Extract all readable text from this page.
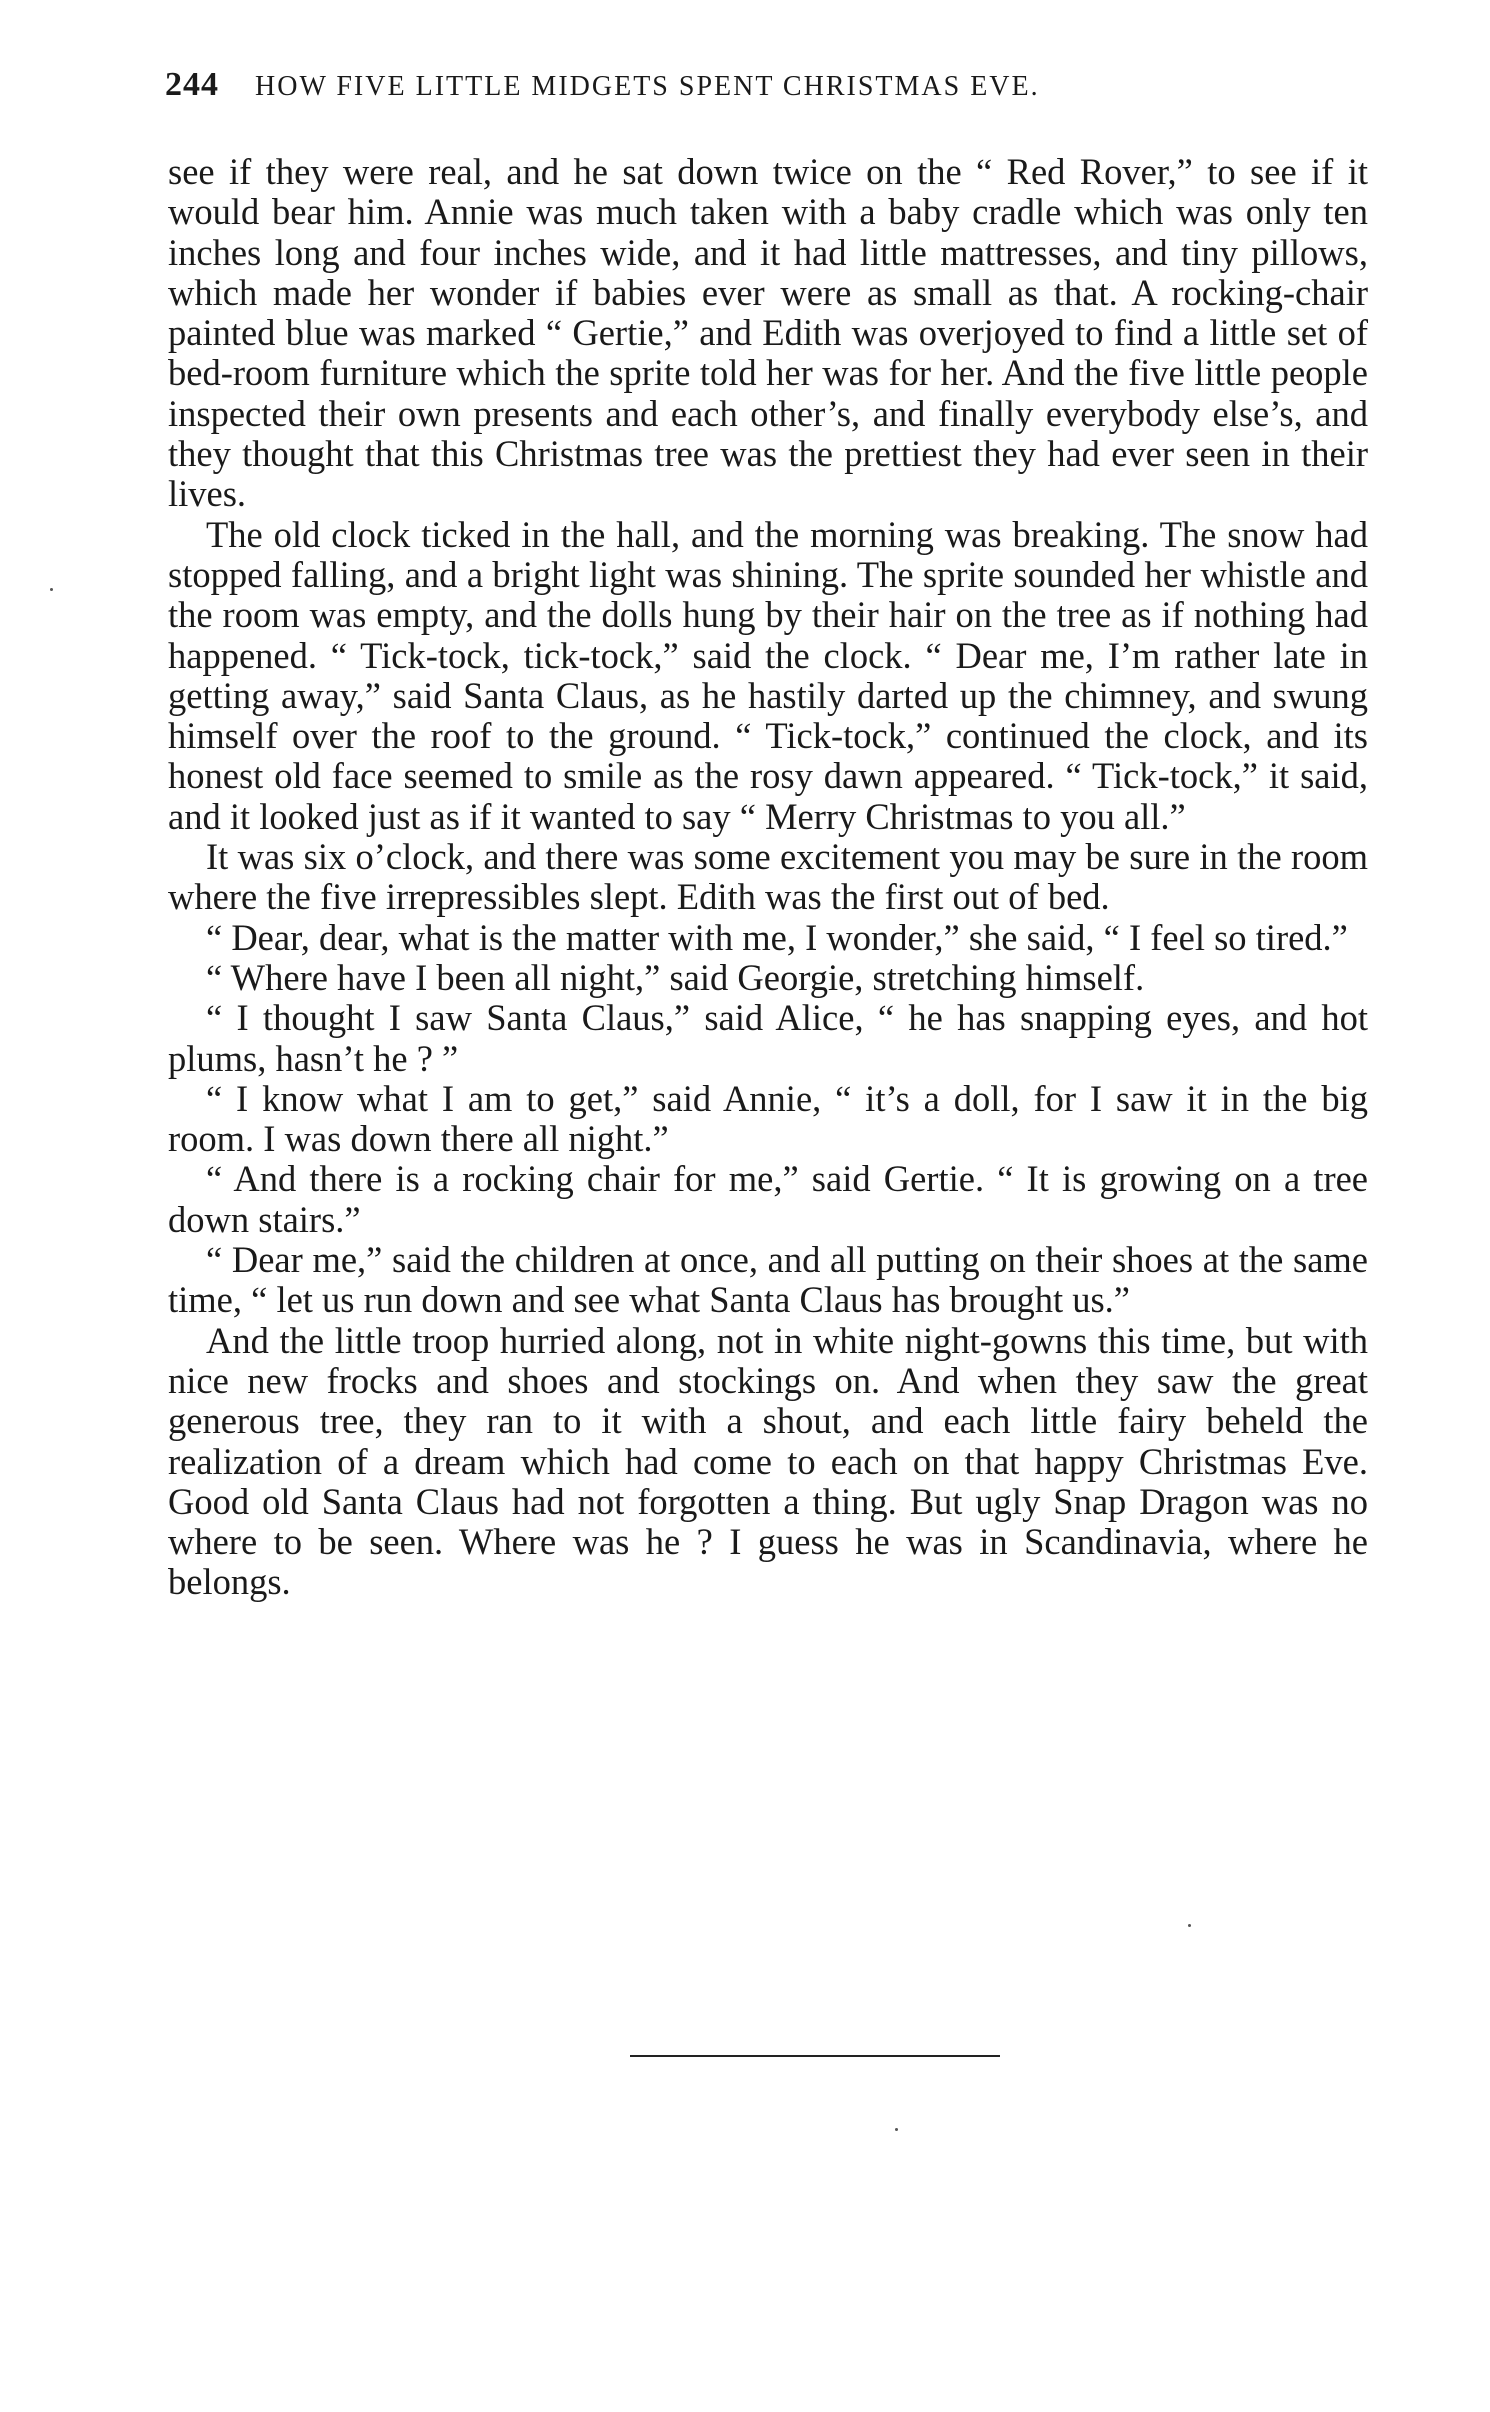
244 HOW FIVE LITTLE MIDGETS SPENT CHRISTMAS EVE.

see if they were real, and he sat down twice on the “ Red Rover,” to see if it would bear him. Annie was much taken with a baby cradle which was only ten inches long and four inches wide, and it had little mattresses, and tiny pillows, which made her wonder if babies ever were as small as that. A rocking-chair painted blue was marked “ Gertie,” and Edith was overjoyed to find a little set of bed-room furniture which the sprite told her was for her. And the five little people inspected their own presents and each other’s, and finally everybody else’s, and they thought that this Christmas tree was the prettiest they had ever seen in their lives.

The old clock ticked in the hall, and the morning was breaking. The snow had stopped falling, and a bright light was shining. The sprite sounded her whistle and the room was empty, and the dolls hung by their hair on the tree as if nothing had happened. “ Tick-tock, tick-tock,” said the clock. “ Dear me, I’m rather late in getting away,” said Santa Claus, as he hastily darted up the chimney, and swung himself over the roof to the ground. “ Tick-tock,” continued the clock, and its honest old face seemed to smile as the rosy dawn appeared. “ Tick-tock,” it said, and it looked just as if it wanted to say “ Merry Christmas to you all.”

It was six o’clock, and there was some excitement you may be sure in the room where the five irrepressibles slept. Edith was the first out of bed.

“ Dear, dear, what is the matter with me, I wonder,” she said, “ I feel so tired.”

“ Where have I been all night,” said Georgie, stretching himself.

“ I thought I saw Santa Claus,” said Alice, “ he has snapping eyes, and hot plums, hasn’t he ? ”

“ I know what I am to get,” said Annie, “ it’s a doll, for I saw it in the big room. I was down there all night.”

“ And there is a rocking chair for me,” said Gertie. “ It is growing on a tree down stairs.”

“ Dear me,” said the children at once, and all putting on their shoes at the same time, “ let us run down and see what Santa Claus has brought us.”

And the little troop hurried along, not in white night-gowns this time, but with nice new frocks and shoes and stockings on. And when they saw the great generous tree, they ran to it with a shout, and each little fairy beheld the realization of a dream which had come to each on that happy Christmas Eve. Good old Santa Claus had not forgotten a thing. But ugly Snap Dragon was no where to be seen. Where was he ? I guess he was in Scandinavia, where he belongs.
